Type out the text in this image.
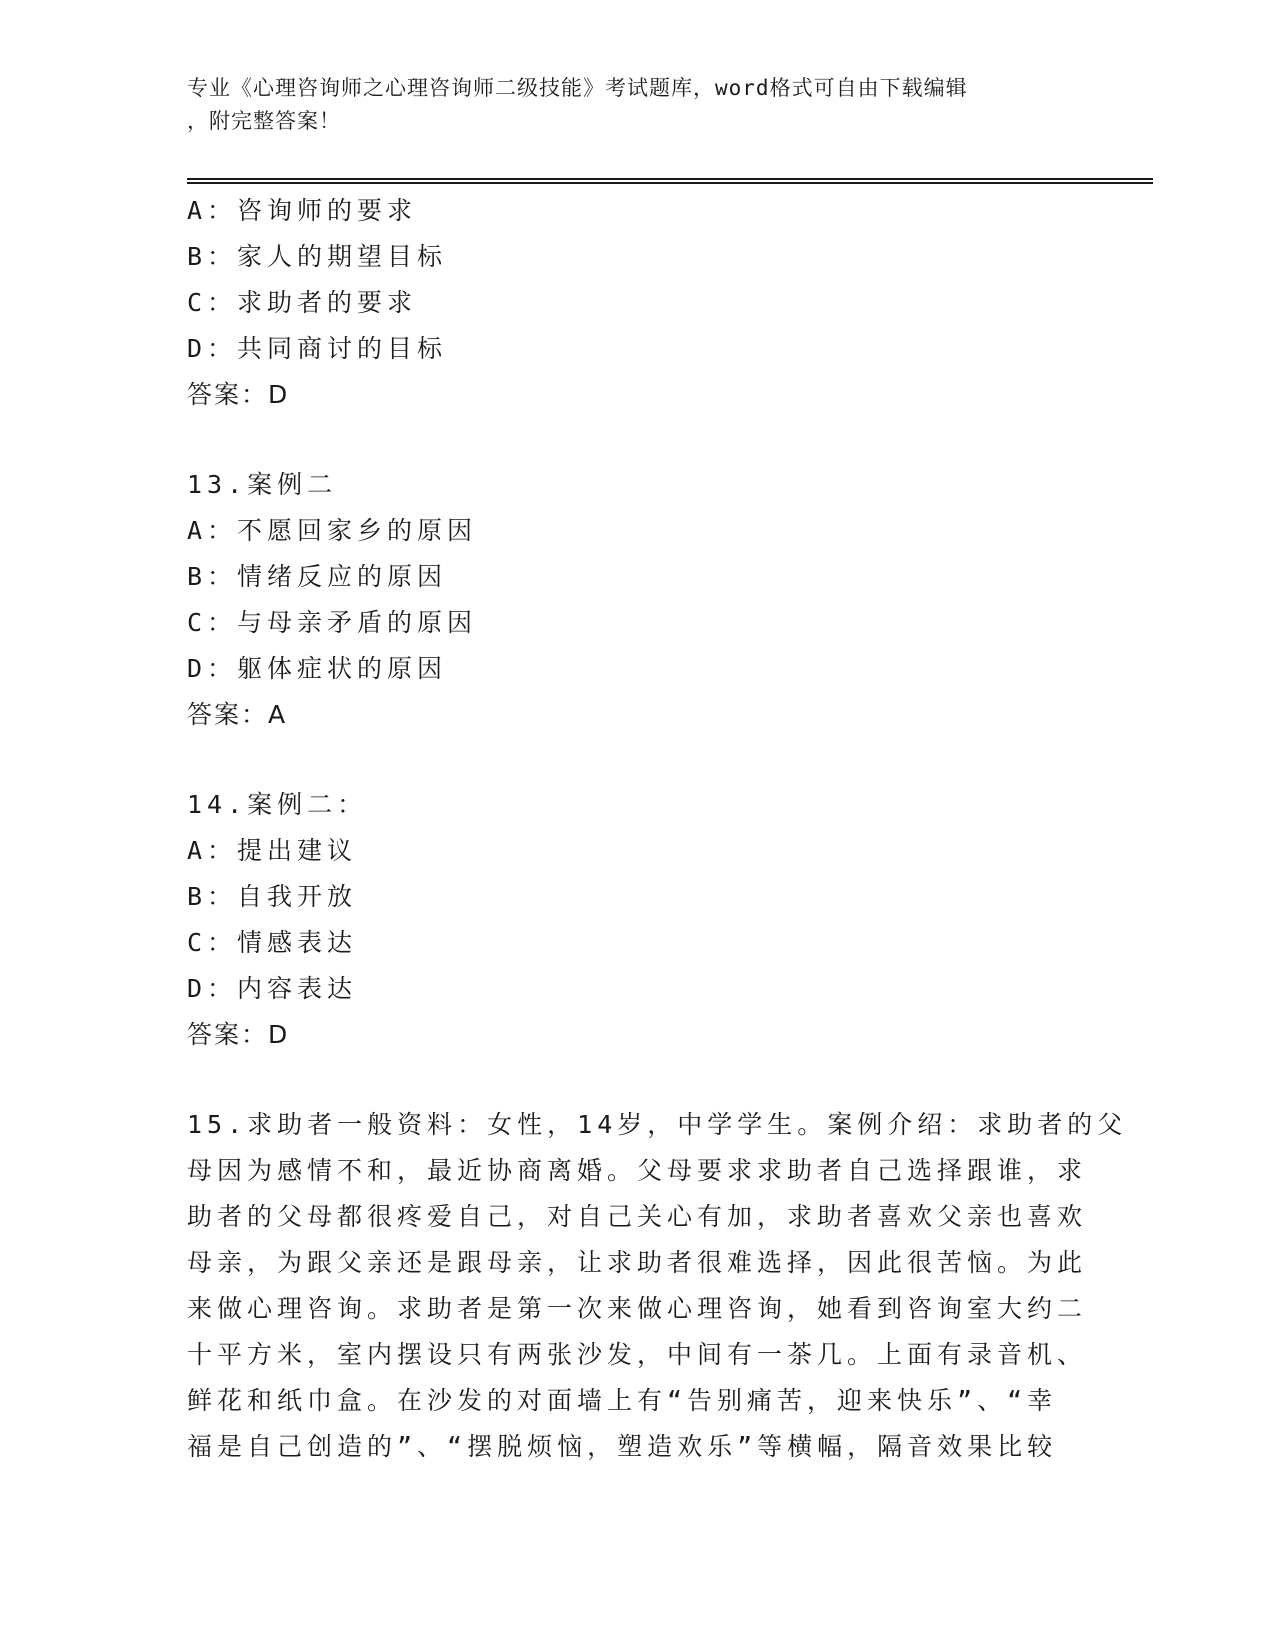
专业《心理咨询师之心理咨询师二级技能》考试题库，word格式可自由下载编辑
，附完整答案！
A：咨询师的要求
B：家人的期望目标
C：求助者的要求
D：共同商讨的目标
答案：D
13.案例二
A：不愿回家乡的原因
B：情绪反应的原因
C：与母亲矛盾的原因
D：躯体症状的原因
答案：A
14.案例二：
A：提出建议
B：自我开放
C：情感表达
D：内容表达
答案：D
15.求助者一般资料：女性，14岁，中学学生。案例介绍：求助者的父
母因为感情不和，最近协商离婚。父母要求求助者自己选择跟谁，求
助者的父母都很疼爱自己，对自己关心有加，求助者喜欢父亲也喜欢
母亲，为跟父亲还是跟母亲，让求助者很难选择，因此很苦恼。为此
来做心理咨询。求助者是第一次来做心理咨询，她看到咨询室大约二
十平方米，室内摆设只有两张沙发，中间有一茶几。上面有录音机、
鲜花和纸巾盒。在沙发的对面墙上有“告别痛苦，迎来快乐”、“幸
福是自己创造的”、“摆脱烦恼，塑造欢乐”等横幅，隔音效果比较
